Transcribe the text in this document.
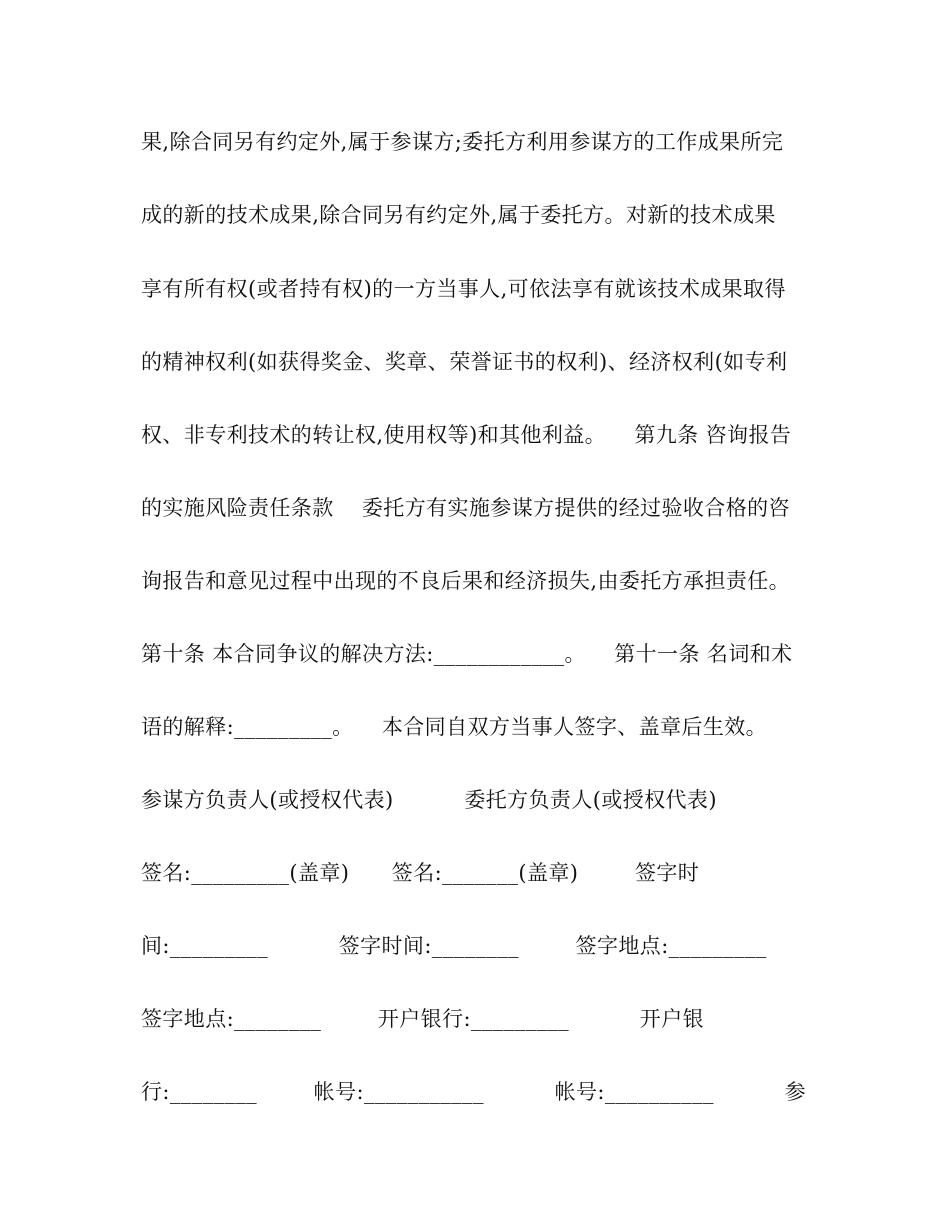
果,除合同另有约定外,属于参谋方;委托方利用参谋方的工作成果所完
成的新的技术成果,除合同另有约定外,属于委托方。对新的技术成果
享有所有权(或者持有权)的一方当事人,可依法享有就该技术成果取得
的精神权利(如获得奖金、奖章、荣誉证书的权利)、经济权利(如专利
权、非专利技术的转让权,使用权等)和其他利益。    第九条 咨询报告
的实施风险责任条款    委托方有实施参谋方提供的经过验收合格的咨
询报告和意见过程中出现的不良后果和经济损失,由委托方承担责任。
第十条 本合同争议的解决方法:____________。    第十一条 名词和术
语的解释:_________。    本合同自双方当事人签字、盖章后生效。
参谋方负责人(或授权代表)          委托方负责人(或授权代表)
签名:_________(盖章)      签名:_______(盖章)        签字时
间:_________          签字时间:________        签字地点:_________
签字地点:________        开户银行:_________          开户银
行:________        帐号:___________          帐号:__________          参
